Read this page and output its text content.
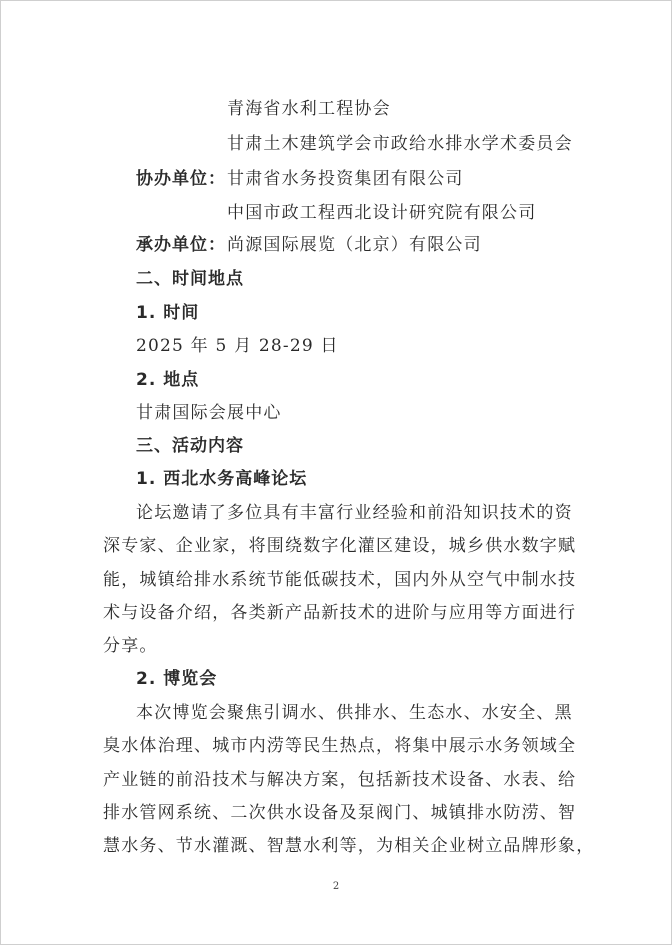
青海省水利工程协会
甘肃土木建筑学会市政给水排水学术委员会
协办单位： 甘肃省水务投资集团有限公司
中国市政工程西北设计研究院有限公司
承办单位： 尚源国际展览（北京）有限公司
二、时间地点
1. 时间
2025 年 5 月 28-29 日
2. 地点
甘肃国际会展中心
三、活动内容
1. 西北水务高峰论坛
论坛邀请了多位具有丰富行业经验和前沿知识技术的资
深专家、企业家，将围绕数字化灌区建设，城乡供水数字赋
能，城镇给排水系统节能低碳技术，国内外从空气中制水技
术与设备介绍，各类新产品新技术的进阶与应用等方面进行
分享。
2. 博览会
本次博览会聚焦引调水、供排水、生态水、水安全、黑
臭水体治理、城市内涝等民生热点，将集中展示水务领域全
产业链的前沿技术与解决方案，包括新技术设备、水表、给
排水管网系统、二次供水设备及泵阀门、城镇排水防涝、智
慧水务、节水灌溉、智慧水利等，为相关企业树立品牌形象，
2
